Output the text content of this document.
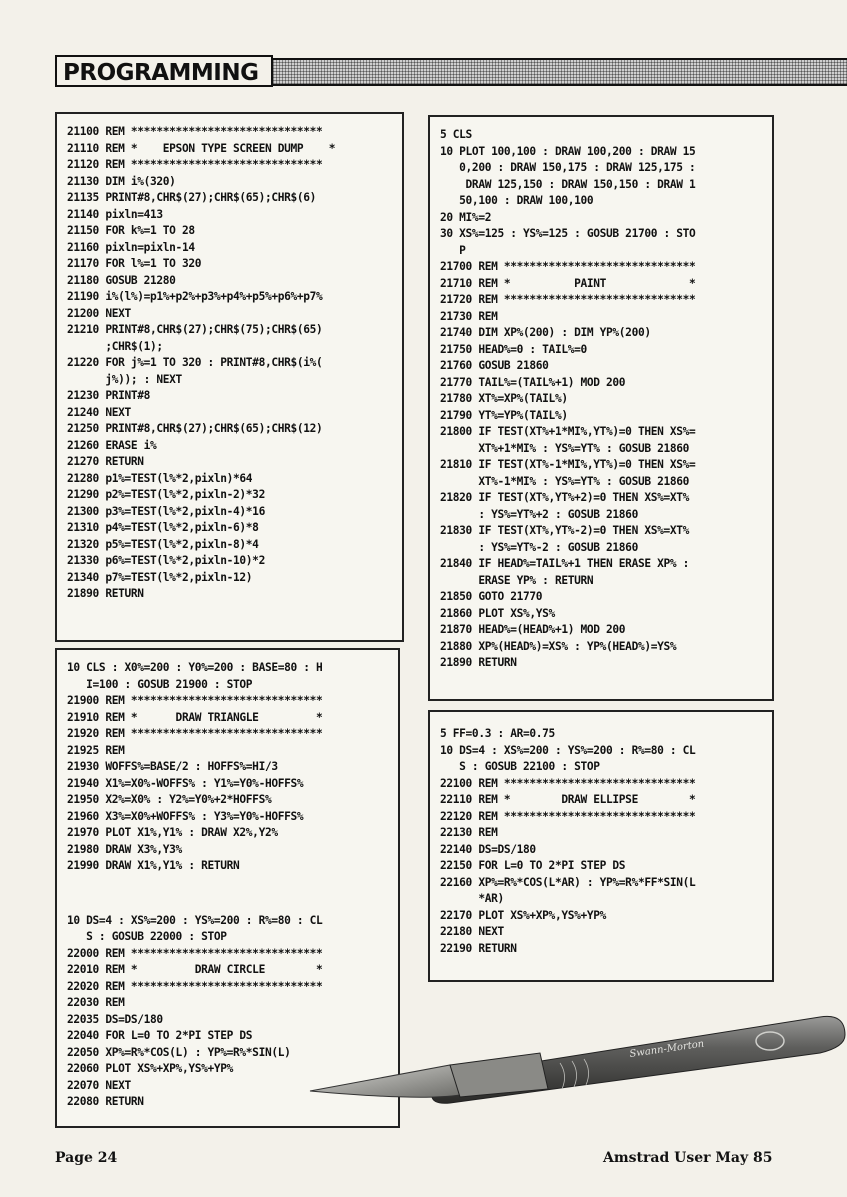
PROGRAMMING
21100 REM ******************************
21110 REM *    EPSON TYPE SCREEN DUMP    *
21120 REM ******************************
21130 DIM i%(320)
21135 PRINT#8,CHR$(27);CHR$(65);CHR$(6)
21140 pixln=413
21150 FOR k%=1 TO 28
21160 pixln=pixln-14
21170 FOR l%=1 TO 320
21180 GOSUB 21280
21190 i%(l%)=p1%+p2%+p3%+p4%+p5%+p6%+p7%
21200 NEXT
21210 PRINT#8,CHR$(27);CHR$(75);CHR$(65)
;CHR$(1);
21220 FOR j%=1 TO 320 : PRINT#8,CHR$(i%(
j%)); : NEXT
21230 PRINT#8
21240 NEXT
21250 PRINT#8,CHR$(27);CHR$(65);CHR$(12)
21260 ERASE i%
21270 RETURN
21280 p1%=TEST(l%*2,pixln)*64
21290 p2%=TEST(l%*2,pixln-2)*32
21300 p3%=TEST(l%*2,pixln-4)*16
21310 p4%=TEST(l%*2,pixln-6)*8
21320 p5%=TEST(l%*2,pixln-8)*4
21330 p6%=TEST(l%*2,pixln-10)*2
21340 p7%=TEST(l%*2,pixln-12)
21890 RETURN
10 CLS : X0%=200 : Y0%=200 : BASE=80 : H
I=100 : GOSUB 21900 : STOP
21900 REM ******************************
21910 REM *      DRAW TRIANGLE         *
21920 REM ******************************
21925 REM
21930 WOFFS%=BASE/2 : HOFFS%=HI/3
21940 X1%=X0%-WOFFS% : Y1%=Y0%-HOFFS%
21950 X2%=X0% : Y2%=Y0%+2*HOFFS%
21960 X3%=X0%+WOFFS% : Y3%=Y0%-HOFFS%
21970 PLOT X1%,Y1% : DRAW X2%,Y2%
21980 DRAW X3%,Y3%
21990 DRAW X1%,Y1% : RETURN
10 DS=4 : XS%=200 : YS%=200 : R%=80 : CL
S : GOSUB 22000 : STOP
22000 REM ******************************
22010 REM *         DRAW CIRCLE        *
22020 REM ******************************
22030 REM
22035 DS=DS/180
22040 FOR L=0 TO 2*PI STEP DS
22050 XP%=R%*COS(L) : YP%=R%*SIN(L)
22060 PLOT XS%+XP%,YS%+YP%
22070 NEXT
22080 RETURN
5 CLS
10 PLOT 100,100 : DRAW 100,200 : DRAW 15
0,200 : DRAW 150,175 : DRAW 125,175 :
DRAW 125,150 : DRAW 150,150 : DRAW 1
50,100 : DRAW 100,100
20 MI%=2
30 XS%=125 : YS%=125 : GOSUB 21700 : STO
P
21700 REM ******************************
21710 REM *          PAINT             *
21720 REM ******************************
21730 REM
21740 DIM XP%(200) : DIM YP%(200)
21750 HEAD%=0 : TAIL%=0
21760 GOSUB 21860
21770 TAIL%=(TAIL%+1) MOD 200
21780 XT%=XP%(TAIL%)
21790 YT%=YP%(TAIL%)
21800 IF TEST(XT%+1*MI%,YT%)=0 THEN XS%=
XT%+1*MI% : YS%=YT% : GOSUB 21860
21810 IF TEST(XT%-1*MI%,YT%)=0 THEN XS%=
XT%-1*MI% : YS%=YT% : GOSUB 21860
21820 IF TEST(XT%,YT%+2)=0 THEN XS%=XT%
: YS%=YT%+2 : GOSUB 21860
21830 IF TEST(XT%,YT%-2)=0 THEN XS%=XT%
: YS%=YT%-2 : GOSUB 21860
21840 IF HEAD%=TAIL%+1 THEN ERASE XP% :
ERASE YP% : RETURN
21850 GOTO 21770
21860 PLOT XS%,YS%
21870 HEAD%=(HEAD%+1) MOD 200
21880 XP%(HEAD%)=XS% : YP%(HEAD%)=YS%
21890 RETURN
5 FF=0.3 : AR=0.75
10 DS=4 : XS%=200 : YS%=200 : R%=80 : CL
S : GOSUB 22100 : STOP
22100 REM ******************************
22110 REM *        DRAW ELLIPSE        *
22120 REM ******************************
22130 REM
22140 DS=DS/180
22150 FOR L=0 TO 2*PI STEP DS
22160 XP%=R%*COS(L*AR) : YP%=R%*FF*SIN(L
*AR)
22170 PLOT XS%+XP%,YS%+YP%
22180 NEXT
22190 RETURN
Swann-Morton
Page 24	Amstrad User May 85
